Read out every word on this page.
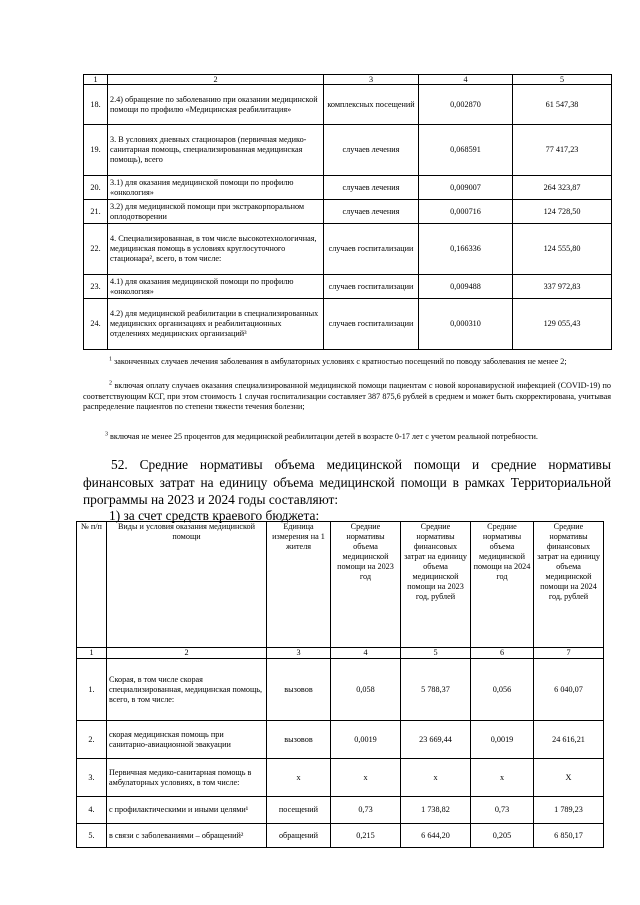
1	2	3	4	5
18.	2.4) обращение по заболеванию при оказании медицинской помощи по профилю «Медицинская реабилитация»	комплексных посещений	0,002870	61 547,38
19.	3. В условиях дневных стационаров (первичная медико-санитарная помощь, специализированная медицинская помощь), всего	случаев лечения	0,068591	77 417,23
20.	3.1) для оказания медицинской помощи по профилю «онкология»	случаев лечения	0,009007	264 323,87
21.	3.2) для медицинской помощи при экстракорпоральном оплодотворении	случаев лечения	0,000716	124 728,50
22.	4. Специализированная, в том числе высокотехнологичная, медицинская помощь в условиях круглосуточного стационара², всего, в том числе:	случаев госпитализации	0,166336	124 555,80
23.	4.1) для оказания медицинской помощи по профилю «онкология»	случаев госпитализации	0,009488	337 972,83
24.	4.2) для медицинской реабилитации в специализированных медицинских организациях и реабилитационных отделениях медицинских организаций³	случаев госпитализации	0,000310	129 055,43
$^1$ законченных случаев лечения заболевания в амбулаторных условиях с кратностью посещений по поводу заболевания не менее 2;
$^2$ включая оплату случаев оказания специализированной медицинской помощи пациентам с новой коронавирусной инфекцией (COVID-19) по соответствующим КСГ, при этом стоимость 1 случая госпитализации составляет 387 875,6 рублей в среднем и может быть скорректирована, учитывая распределение пациентов по степени тяжести течения болезни;
$^3$ включая не менее 25 процентов для медицинской реабилитации детей в возрасте 0-17 лет с учетом реальной потребности.
52. Средние нормативы объема медицинской помощи и средние нормативы финансовых затрат на единицу объема медицинской помощи в рамках Территориальной программы на 2023 и 2024 годы составляют:
1) за счет средств краевого бюджета:
№ п/п	Виды и условия оказания медицинской помощи	Единица измерения на 1 жителя	Средние нормативы объема медицинской помощи на 2023 год	Средние нормативы финансовых затрат на единицу объема медицинской помощи на 2023 год, рублей	Средние нормативы объема медицинской помощи на 2024 год	Средние нормативы финансовых затрат на единицу объема медицинской помощи на 2024 год, рублей
1	2	3	4	5	6	7
1.	Скорая, в том числе скорая специализированная, медицинская помощь, всего, в том числе:	вызовов	0,058	5 788,37	0,056	6 040,07
2.	скорая медицинская помощь при санитарно-авиационной эвакуации	вызовов	0,0019	23 669,44	0,0019	24 616,21
3.	Первичная медико-санитарная помощь в амбулаторных условиях, в том числе:	х	х	х	х	Х
4.	с профилактическими и иными целями¹	посещений	0,73	1 738,82	0,73	1 789,23
5.	в связи с заболеваниями – обращений²	обращений	0,215	6 644,20	0,205	6 850,17
